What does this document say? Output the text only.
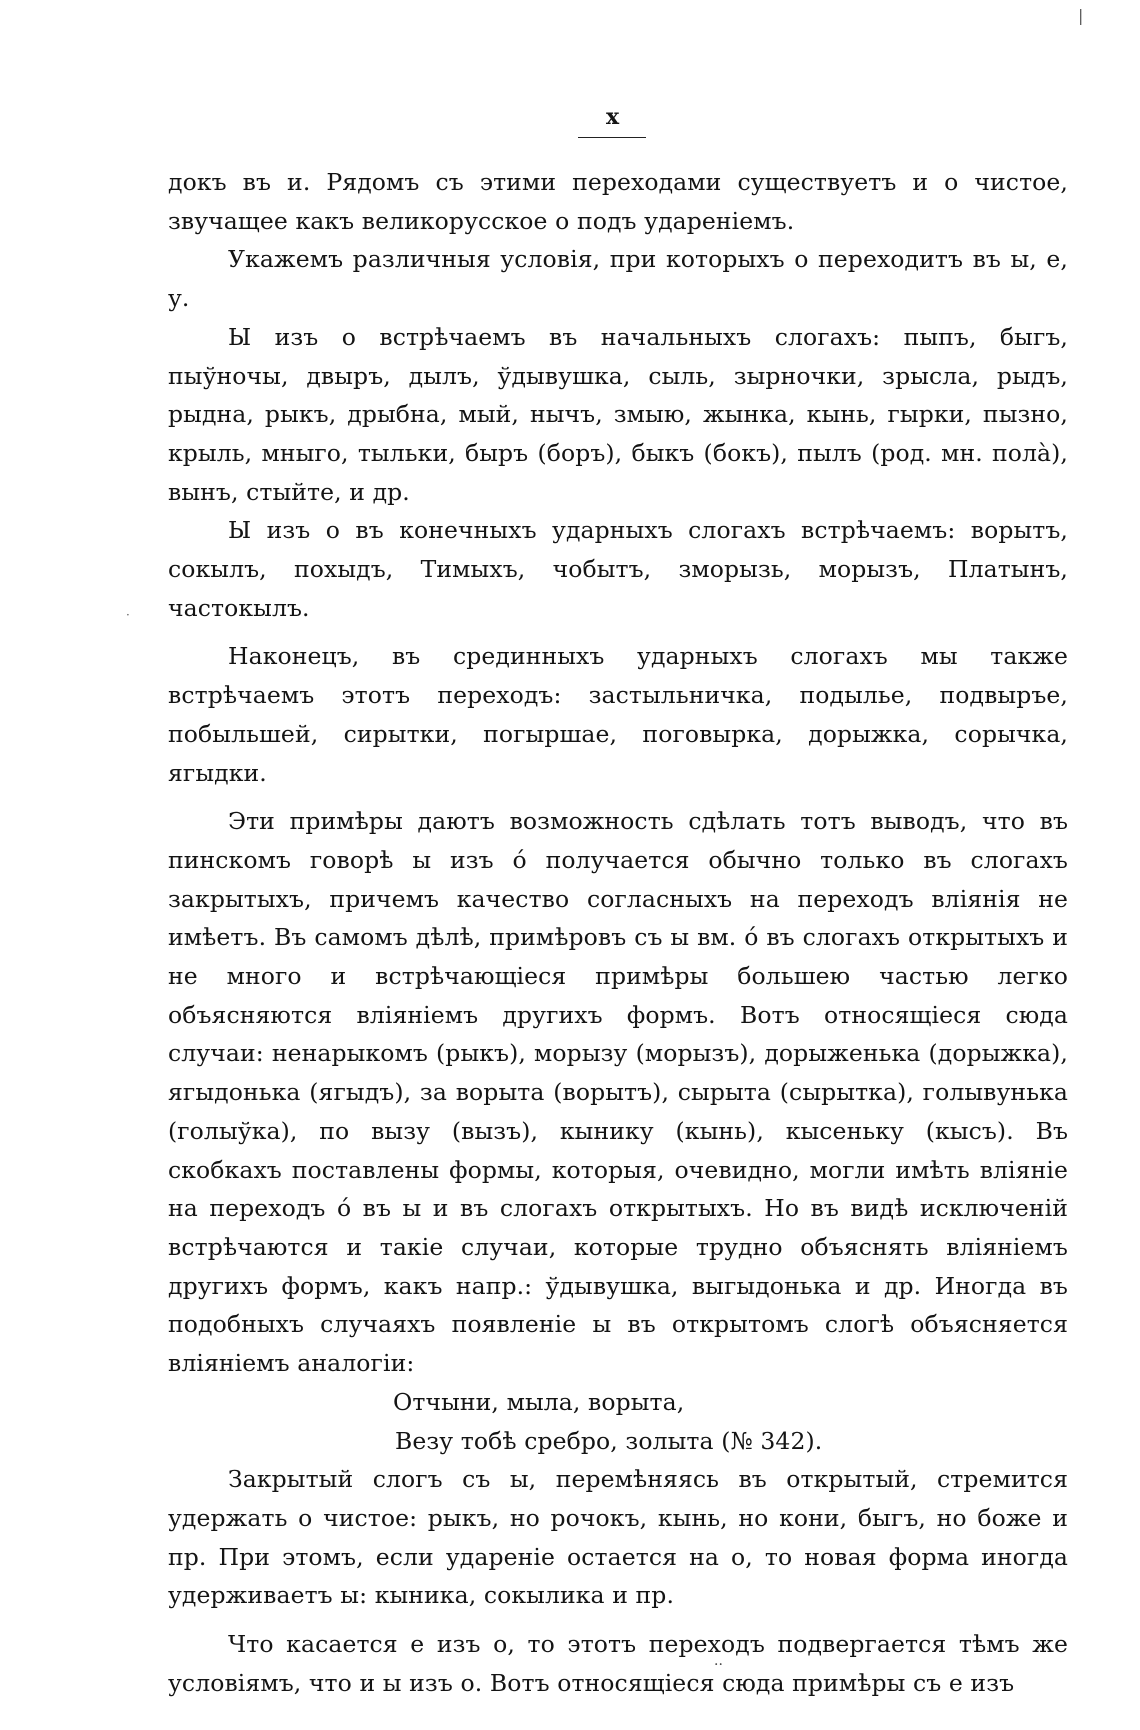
|
x
·

докъ въ и. Рядомъ съ этими переходами существуетъ и о чистое, звучащее какъ великорусское о подъ удареніемъ.

Укажемъ различныя условія, при которыхъ о переходитъ въ ы, е, у.

Ы изъ о встрѣчаемъ въ начальныхъ слогахъ: пыпъ, быгъ, пыўночы, двыръ, дылъ, ўдывушка, сыль, зырночки, зрысла, рыдъ, рыдна, рыкъ, дрыбна, мый, нычъ, змыю, жынка, кынь, гырки, пызно, крыль, мныго, тыльки, быръ (боръ), быкъ (бокъ), пылъ (род. мн. полà), вынъ, стыйте, и др.

Ы изъ о въ конечныхъ ударныхъ слогахъ встрѣчаемъ: ворытъ, сокылъ, похыдъ, Тимыхъ, чобытъ, зморызь, морызъ, Платынъ, частокылъ.

Наконецъ, въ срединныхъ ударныхъ слогахъ мы также встрѣчаемъ этотъ переходъ: застыльничка, подылье, подвыръе, побыльшей, сирытки, погыршае, поговырка, дорыжка, сорычка, ягыдки.

Эти примѣры даютъ возможность сдѣлать тотъ выводъ, что въ пинскомъ говорѣ ы изъ ó получается обычно только въ слогахъ закрытыхъ, причемъ качество согласныхъ на переходъ вліянія не имѣетъ. Въ самомъ дѣлѣ, примѣровъ съ ы вм. ó въ слогахъ открытыхъ и не много и встрѣчающіеся примѣры большею частью легко объясняются вліяніемъ другихъ формъ. Вотъ относящіеся сюда случаи: ненарыкомъ (рыкъ), морызу (морызъ), дорыженька (дорыжка), ягыдонька (ягыдъ), за ворыта (ворытъ), сырыта (сырытка), голывунька (голыўка), по вызу (вызъ), кынику (кынь), кысеньку (кысъ). Въ скобкахъ поставлены формы, которыя, очевидно, могли имѣть вліяніе на переходъ ó въ ы и въ слогахъ открытыхъ. Но въ видѣ исключеній встрѣчаются и такіе случаи, которые трудно объяснять вліяніемъ другихъ формъ, какъ напр.: ўдывушка, выгыдонька и др. Иногда въ подобныхъ случаяхъ появленіе ы въ открытомъ слогѣ объясняется вліяніемъ аналогіи:

Отчыни, мыла, ворыта,

Везу тобѣ сребро, золыта (№ 342).

Закрытый слогъ съ ы, перемѣняясь въ открытый, стремится удержать о чистое: рыкъ, но рочокъ, кынь, но кони, быгъ, но боже и пр. При этомъ, если удареніе остается на о, то новая форма иногда удерживаетъ ы: кыника, сокылика и пр.

Что касается е изъ о, то этотъ переходъ подвергается тѣмъ же условіямъ, что и ы изъ о. Вотъ относящіеся сюда примѣры съ е изъ

··
